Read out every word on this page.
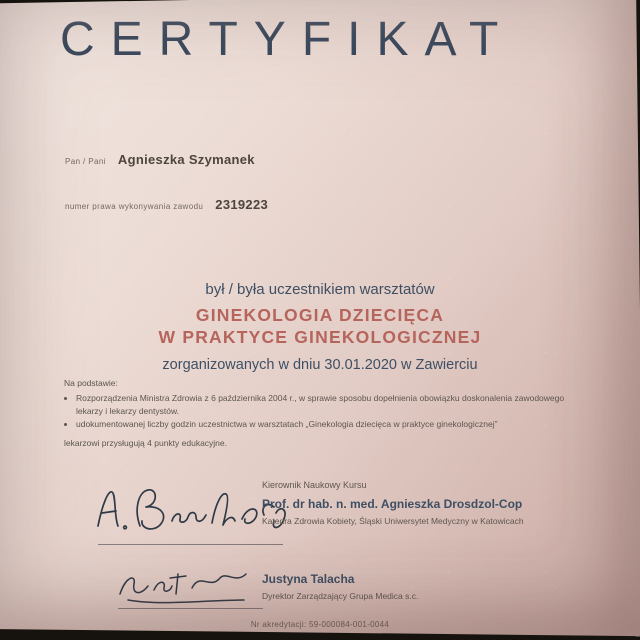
CERTYFIKAT
Pan / Pani Agnieszka Szymanek
numer prawa wykonywania zawodu 2319223

był / była uczestnikiem warsztatów

GINEKOLOGIA DZIECIĘCA
W PRAKTYCE GINEKOLOGICZNEJ

zorganizowanych w dniu 30.01.2020 w Zawierciu

Na podstawie:

• Rozporządzenia Ministra Zdrowia z 6 października 2004 r., w sprawie sposobu dopełnienia obowiązku doskonalenia zawodowego lekarzy i lekarzy dentystów.
• udokumentowanej liczby godzin uczestnictwa w warsztatach „Ginekologia dziecięca w praktyce ginekologicznej”

lekarzowi przysługują 4 punkty edukacyjne.

Kierownik Naukowy Kursu

Prof. dr hab. n. med. Agnieszka Drosdzol-Cop

Katedra Zdrowia Kobiety, Śląski Uniwersytet Medyczny w Katowicach

Justyna Talacha

Dyrektor Zarządzający Grupa Medica s.c.

Nr akredytacji: 59-000084-001-0044
